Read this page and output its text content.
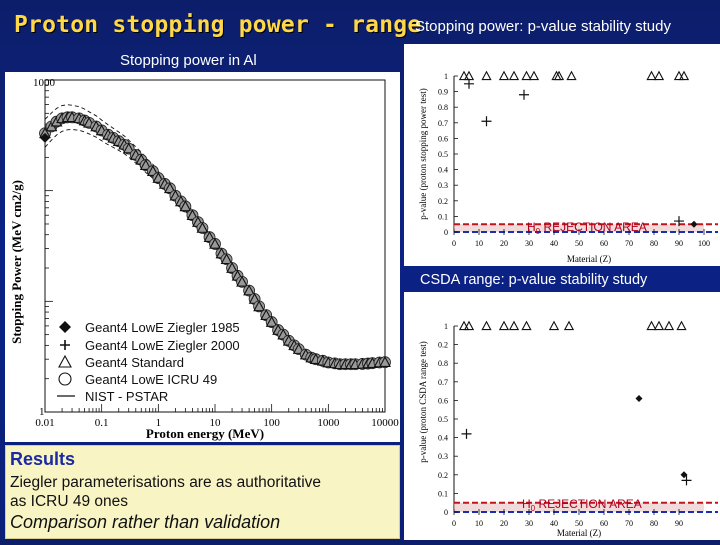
Proton stopping power - range
Stopping power: p-value stability study
Stopping power in Al
1000
1
0.01	0.1	1	10	100	1000	10000
Proton energy (MeV)
Stopping Power (MeV cm2/g)	Geant4 LowE Ziegler 1985
Geant4 LowE Ziegler 2000
Geant4 Standard
Geant4 LowE ICRU 49
NIST - PSTAR
Results
Ziegler parameterisations are as authoritative
as ICRU 49 ones
Comparison rather than validation
1
0.9
0.8
0.7
0.6
0.5
0.4
0.3
0.2
0.1
0
0 10 20 30 40 50 60 70 80 90 100
p-value (proton stopping power test)
Material (Z)
$H_0$ REJECTION AREA
CSDA range: p-value stability study
1
0.2
0.8
0.7
0.6
0.5
0.4
0.3
0.2
0.1
0
0 10 20 30 40 50 60 70 80 90
p-value (proton CSDA range test)
Material (Z)
$H_0$ REJECTION AREA
